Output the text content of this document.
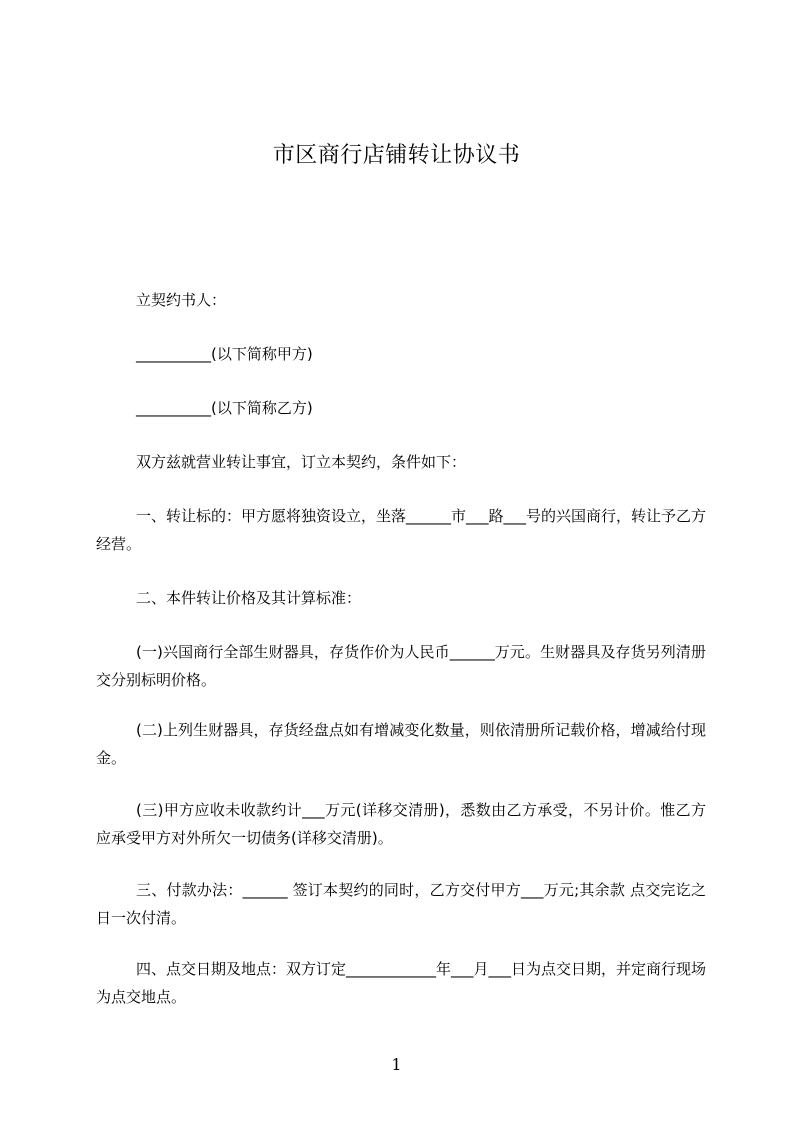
市区商行店铺转让协议书

立契约书人：

__________(以下简称甲方)

__________(以下简称乙方)

双方兹就营业转让事宜，订立本契约，条件如下：

一、转让标的：甲方愿将独资设立，坐落______市___路___号的兴国商行，转让予乙方经营。

二、本件转让价格及其计算标准：

(一)兴国商行全部生财器具，存货作价为人民币______万元。生财器具及存货另列清册交分别标明价格。

(二)上列生财器具，存货经盘点如有增减变化数量，则依清册所记载价格，增减给付现金。

(三)甲方应收未收款约计___万元(详移交清册)，悉数由乙方承受，不另计价。惟乙方应承受甲方对外所欠一切债务(详移交清册)。

三、付款办法：______ 签订本契约的同时，乙方交付甲方___万元;其余款 点交完讫之日一次付清。

四、点交日期及地点：双方订定____________年___月___日为点交日期，并定商行现场为点交地点。

1
